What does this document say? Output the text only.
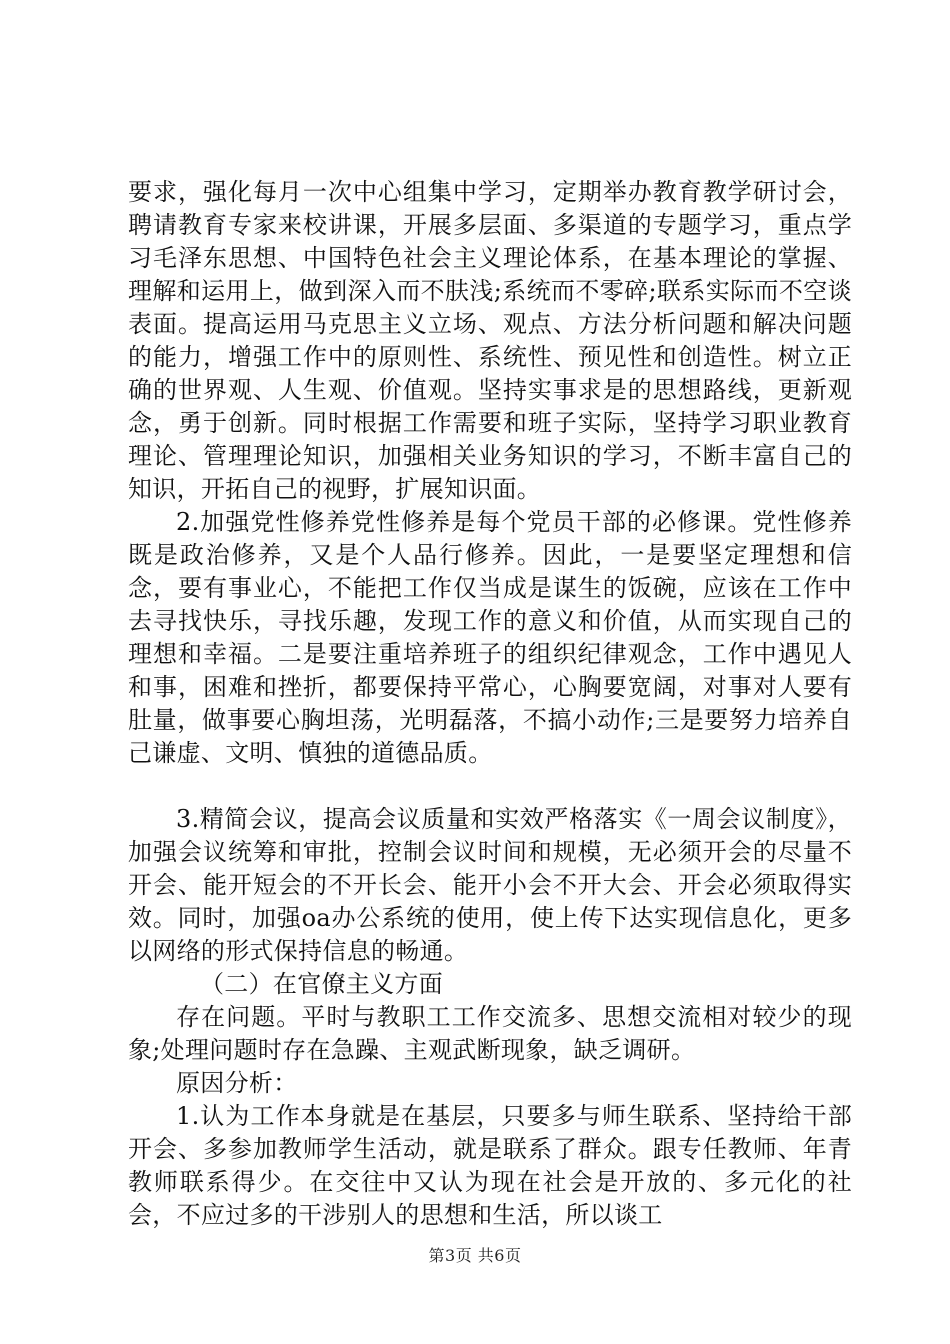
要求，强化每月一次中心组集中学习，定期举办教育教学研讨会，聘请教育专家来校讲课，开展多层面、多渠道的专题学习，重点学习毛泽东思想、中国特色社会主义理论体系，在基本理论的掌握、理解和运用上，做到深入而不肤浅;系统而不零碎;联系实际而不空谈表面。提高运用马克思主义立场、观点、方法分析问题和解决问题的能力，增强工作中的原则性、系统性、预见性和创造性。树立正确的世界观、人生观、价值观。坚持实事求是的思想路线，更新观念，勇于创新。同时根据工作需要和班子实际，坚持学习职业教育理论、管理理论知识，加强相关业务知识的学习，不断丰富自己的知识，开拓自己的视野，扩展知识面。

2.加强党性修养党性修养是每个党员干部的必修课。党性修养既是政治修养，又是个人品行修养。因此，一是要坚定理想和信念，要有事业心，不能把工作仅当成是谋生的饭碗，应该在工作中去寻找快乐，寻找乐趣，发现工作的意义和价值，从而实现自己的理想和幸福。二是要注重培养班子的组织纪律观念，工作中遇见人和事，困难和挫折，都要保持平常心，心胸要宽阔，对事对人要有肚量，做事要心胸坦荡，光明磊落，不搞小动作;三是要努力培养自己谦虚、文明、慎独的道德品质。

3.精简会议，提高会议质量和实效严格落实《一周会议制度》，加强会议统筹和审批，控制会议时间和规模，无必须开会的尽量不开会、能开短会的不开长会、能开小会不开大会、开会必须取得实效。同时，加强oa办公系统的使用，使上传下达实现信息化，更多以网络的形式保持信息的畅通。

（二）在官僚主义方面

存在问题。平时与教职工工作交流多、思想交流相对较少的现象;处理问题时存在急躁、主观武断现象，缺乏调研。

原因分析：

1.认为工作本身就是在基层，只要多与师生联系、坚持给干部开会、多参加教师学生活动，就是联系了群众。跟专任教师、年青教师联系得少。在交往中又认为现在社会是开放的、多元化的社会，不应过多的干涉别人的思想和生活，所以谈工

第3页 共6页
